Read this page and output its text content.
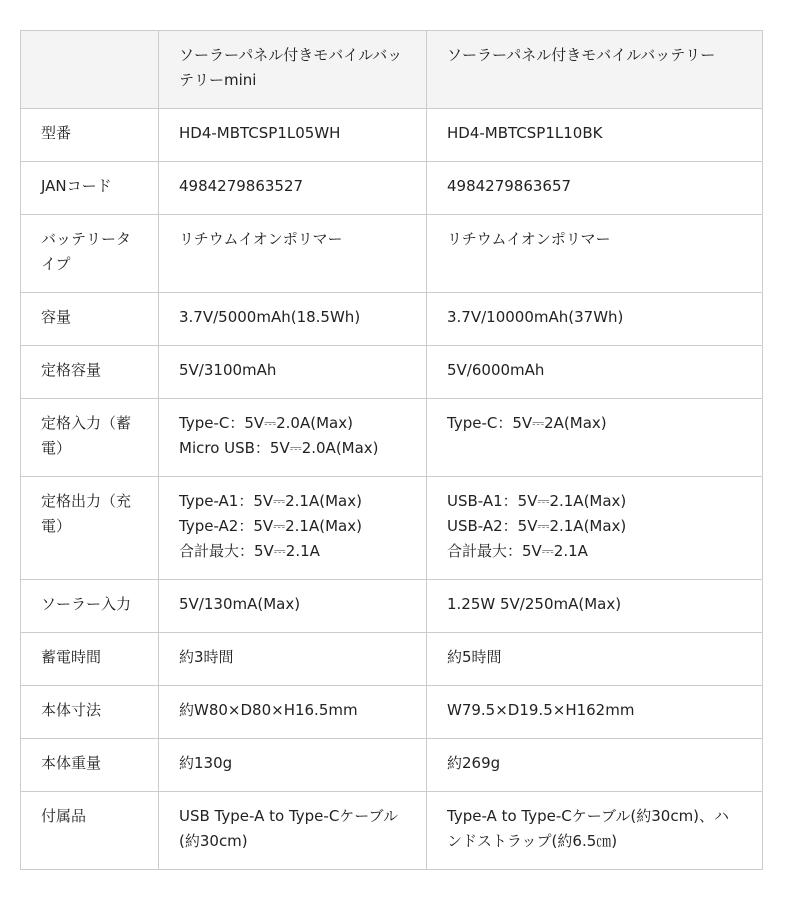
	ソーラーパネル付きモバイルバッテリーmini	ソーラーパネル付きモバイルバッテリー

型番	HD4-MBTCSP1L05WH	HD4-MBTCSP1L10BK

JANコード	4984279863527	4984279863657

バッテリータイプ	リチウムイオンポリマー	リチウムイオンポリマー

容量	3.7V/5000mAh(18.5Wh)	3.7V/10000mAh(37Wh)

定格容量	5V/3100mAh	5V/6000mAh

定格入力（蓄電）	Type-C：5V⎓2.0A(Max)
Micro USB：5V⎓2.0A(Max)	Type-C：5V⎓2A(Max)

定格出力（充電）	Type-A1：5V⎓2.1A(Max)
Type-A2：5V⎓2.1A(Max)
合計最大：5V⎓2.1A	USB-A1：5V⎓2.1A(Max)
USB-A2：5V⎓2.1A(Max)
合計最大：5V⎓2.1A

ソーラー入力	5V/130mA(Max)	1.25W 5V/250mA(Max)

蓄電時間	約3時間	約5時間

本体寸法	約W80×D80×H16.5mm	W79.5×D19.5×H162mm

本体重量	約130g	約269g

付属品	USB Type-A to Type-Cケーブル(約30cm)	Type-A to Type-Cケーブル(約30cm)、ハンドストラップ(約6.5㎝)
